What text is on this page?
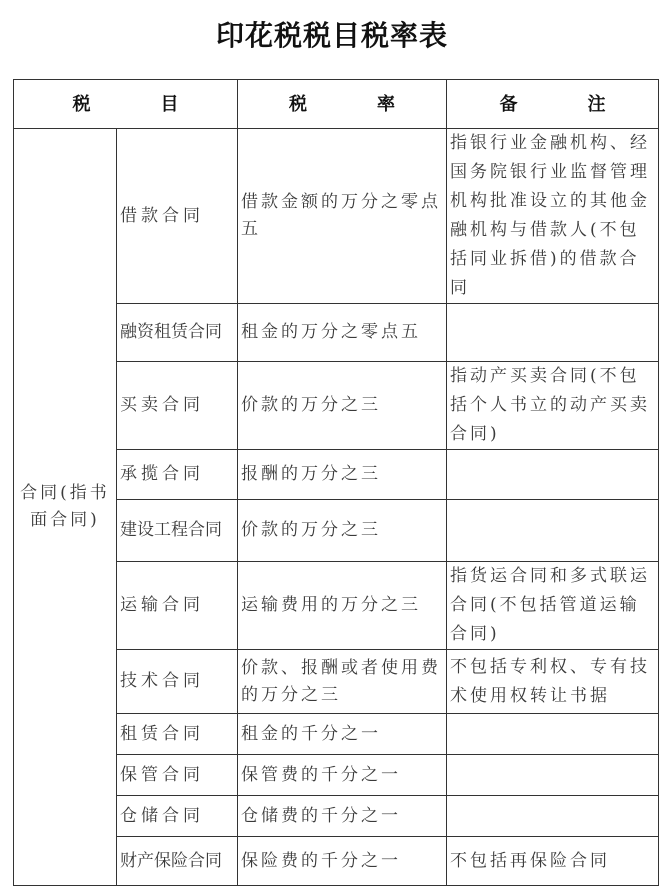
印花税税目税率表
税 目		税 率	备 注
合同(指书面合同)	借款合同	借款金额的万分之零点五	指银行业金融机构、经国务院银行业监督管理机构批准设立的其他金融机构与借款人(不包括同业拆借)的借款合同
	融资租赁合同	租金的万分之零点五	
	买卖合同	价款的万分之三	指动产买卖合同(不包括个人书立的动产买卖合同)
	承揽合同	报酬的万分之三	
	建设工程合同	价款的万分之三	
	运输合同	运输费用的万分之三	指货运合同和多式联运合同(不包括管道运输合同)
	技术合同	价款、报酬或者使用费的万分之三	不包括专利权、专有技术使用权转让书据
	租赁合同	租金的千分之一	
	保管合同	保管费的千分之一	
	仓储合同	仓储费的千分之一	
	财产保险合同	保险费的千分之一	不包括再保险合同
